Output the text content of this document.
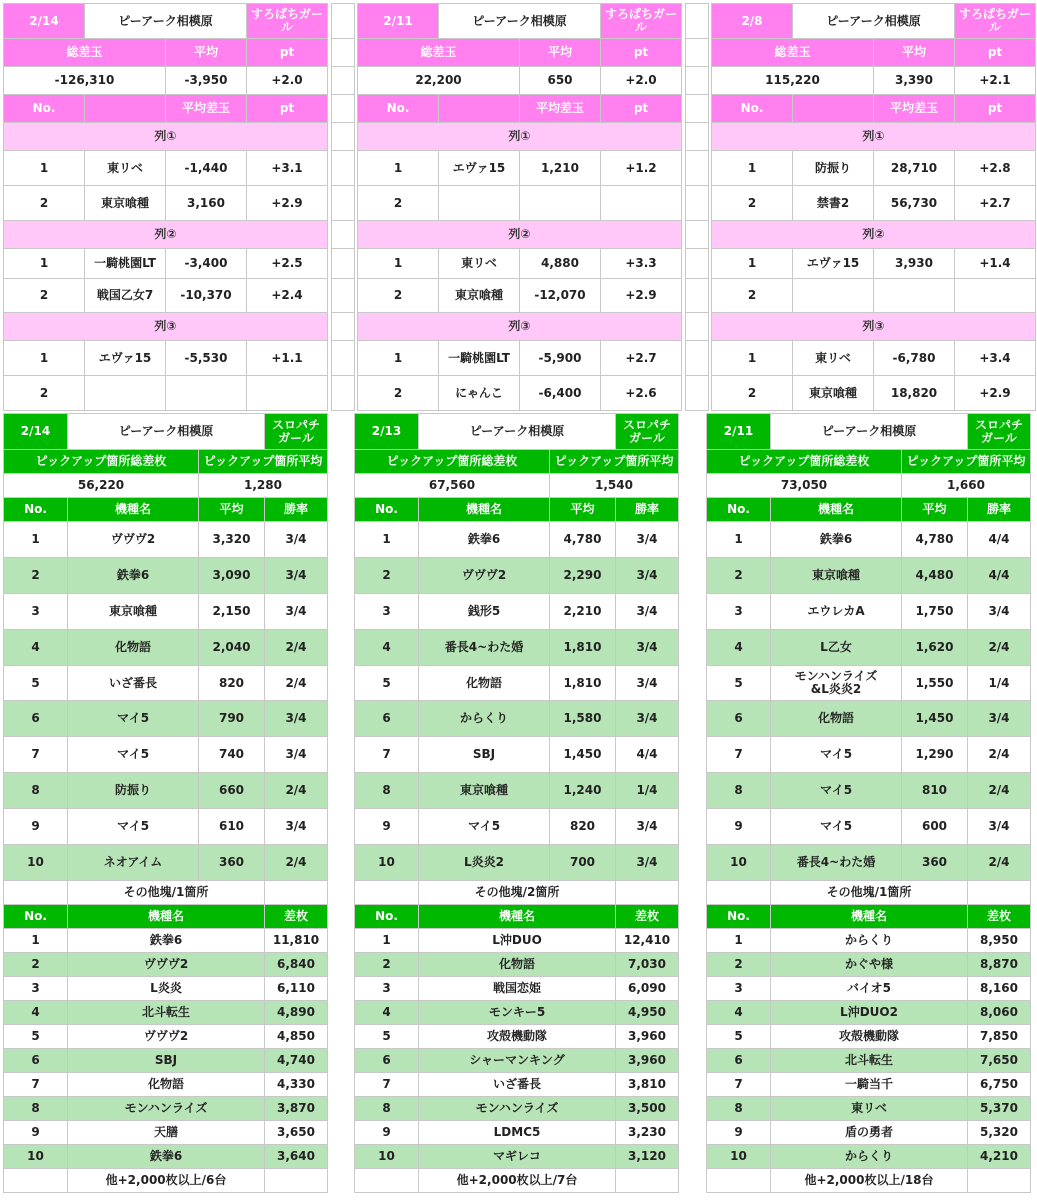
2/14	ピーアーク相模原		すろぱちガール
総差玉		平均	pt
-126,310		-3,950	+2.0
No.		平均差玉	pt
列①			
1	東リベ	-1,440	+3.1
2	東京喰種	3,160	+2.9
列②			
1	一騎桃園LT	-3,400	+2.5
2	戦国乙女7	-10,370	+2.4
列③			
1	エヴァ15	-5,530	+1.1
2			
2/11	ピーアーク相模原		すろぱちガール
総差玉		平均	pt
22,200		650	+2.0
No.		平均差玉	pt
列①			
1	エヴァ15	1,210	+1.2
2			
列②			
1	東リベ	4,880	+3.3
2	東京喰種	-12,070	+2.9
列③			
1	一騎桃園LT	-5,900	+2.7
2	にゃんこ	-6,400	+2.6
2/8	ピーアーク相模原		すろぱちガール
総差玉		平均	pt
115,220		3,390	+2.1
No.		平均差玉	pt
列①			
1	防振り	28,710	+2.8
2	禁書2	56,730	+2.7
列②			
1	エヴァ15	3,930	+1.4
2			
列③			
1	東リベ	-6,780	+3.4
2	東京喰種	18,820	+2.9
2/14	ピーアーク相模原		スロパチガール
ピックアップ箇所総差枚		ピックアップ箇所平均	
56,220		1,280	
No.	機種名	平均	勝率
1	ヴヴヴ2	3,320	3/4
2	鉄拳6	3,090	3/4
3	東京喰種	2,150	3/4
4	化物語	2,040	2/4
5	いざ番長	820	2/4
6	マイ5	790	3/4
7	マイ5	740	3/4
8	防振り	660	2/4
9	マイ5	610	3/4
10	ネオアイム	360	2/4
	その他塊/1箇所		
No.	機種名		差枚
1	鉄拳6		11,810
2	ヴヴヴ2		6,840
3	L炎炎		6,110
4	北斗転生		4,890
5	ヴヴヴ2		4,850
6	SBJ		4,740
7	化物語		4,330
8	モンハンライズ		3,870
9	天膳		3,650
10	鉄拳6		3,640
	他+2,000枚以上/6台		
2/13	ピーアーク相模原		スロパチガール
ピックアップ箇所総差枚		ピックアップ箇所平均	
67,560		1,540	
No.	機種名	平均	勝率
1	鉄拳6	4,780	3/4
2	ヴヴヴ2	2,290	3/4
3	銭形5	2,210	3/4
4	番長4~わた婚	1,810	3/4
5	化物語	1,810	3/4
6	からくり	1,580	3/4
7	SBJ	1,450	4/4
8	東京喰種	1,240	1/4
9	マイ5	820	3/4
10	L炎炎2	700	3/4
	その他塊/2箇所		
No.	機種名		差枚
1	L沖DUO		12,410
2	化物語		7,030
3	戦国恋姫		6,090
4	モンキー5		4,950
5	攻殻機動隊		3,960
6	シャーマンキング		3,960
7	いざ番長		3,810
8	モンハンライズ		3,500
9	LDMC5		3,230
10	マギレコ		3,120
	他+2,000枚以上/7台		
2/11	ピーアーク相模原		スロパチガール
ピックアップ箇所総差枚		ピックアップ箇所平均	
73,050		1,660	
No.	機種名	平均	勝率
1	鉄拳6	4,780	4/4
2	東京喰種	4,480	4/4
3	エウレカA	1,750	3/4
4	L乙女	1,620	2/4
5	モンハンライズ
&L炎炎2	1,550	1/4
6	化物語	1,450	3/4
7	マイ5	1,290	2/4
8	マイ5	810	2/4
9	マイ5	600	3/4
10	番長4~わた婚	360	2/4
	その他塊/1箇所		
No.	機種名		差枚
1	からくり		8,950
2	かぐや様		8,870
3	バイオ5		8,160
4	L沖DUO2		8,060
5	攻殻機動隊		7,850
6	北斗転生		7,650
7	一騎当千		6,750
8	東リベ		5,370
9	盾の勇者		5,320
10	からくり		4,210
	他+2,000枚以上/18台		
